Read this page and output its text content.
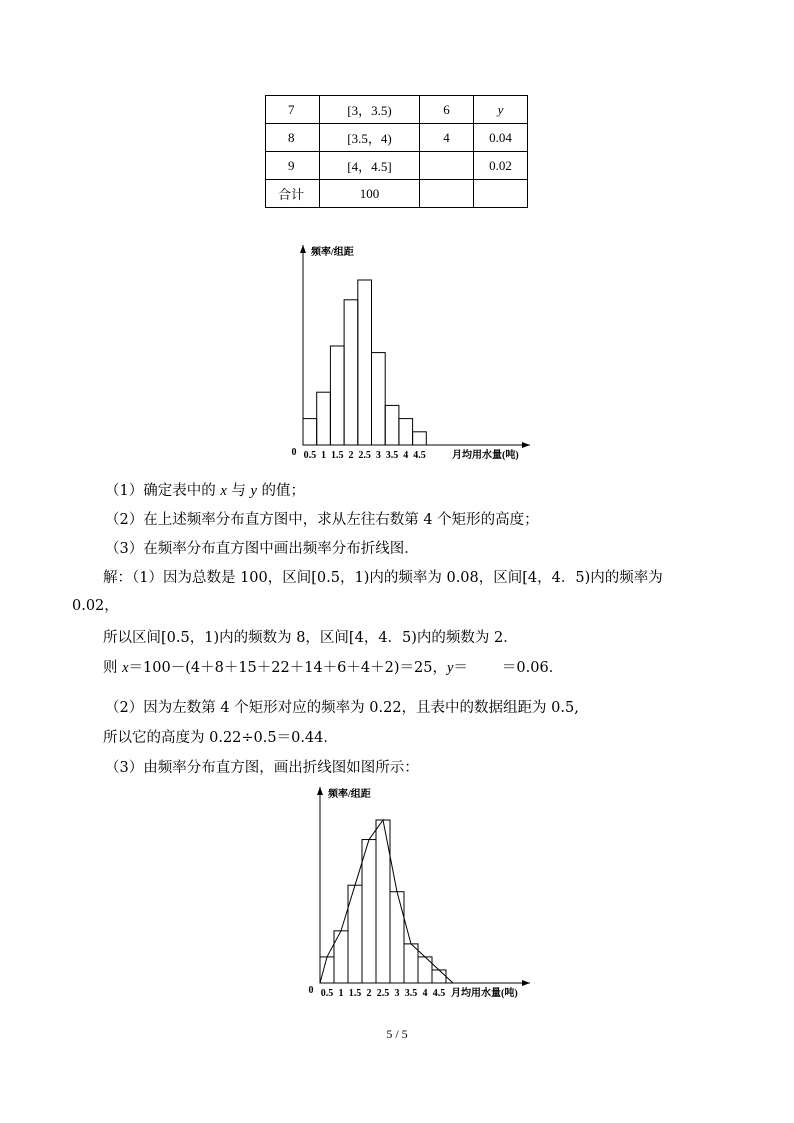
7	[3，3.5)	6	y
8	[3.5，4)	4	0.04
9	[4，4.5]		0.02
合计	100		
0.5 1 1.5 2 2.5 3 3.5 4 4.5
0
频率/组距
月均用水量(吨)
（1）确定表中的 x 与 y 的值；
（2）在上述频率分布直方图中，求从左往右数第 4 个矩形的高度；
（3）在频率分布直方图中画出频率分布折线图．
解：（1）因为总数是 100，区间[0.5，1)内的频率为 0.08，区间[4，4．5)内的频率为
0.02，
所以区间[0.5，1)内的频数为 8，区间[4，4．5)内的频数为 2．
则 x＝100－(4＋8＋15＋22＋14＋6＋4＋2)＝25，y＝ ＝0.06．
（2）因为左数第 4 个矩形对应的频率为 0.22，且表中的数据组距为 0.5,
所以它的高度为 0.22÷0.5＝0.44．
（3）由频率分布直方图，画出折线图如图所示：
0.5 1 1.5 2 2.5 3 3.5 4 4.5
0
频率/组距
月均用水量(吨)
5 / 5
